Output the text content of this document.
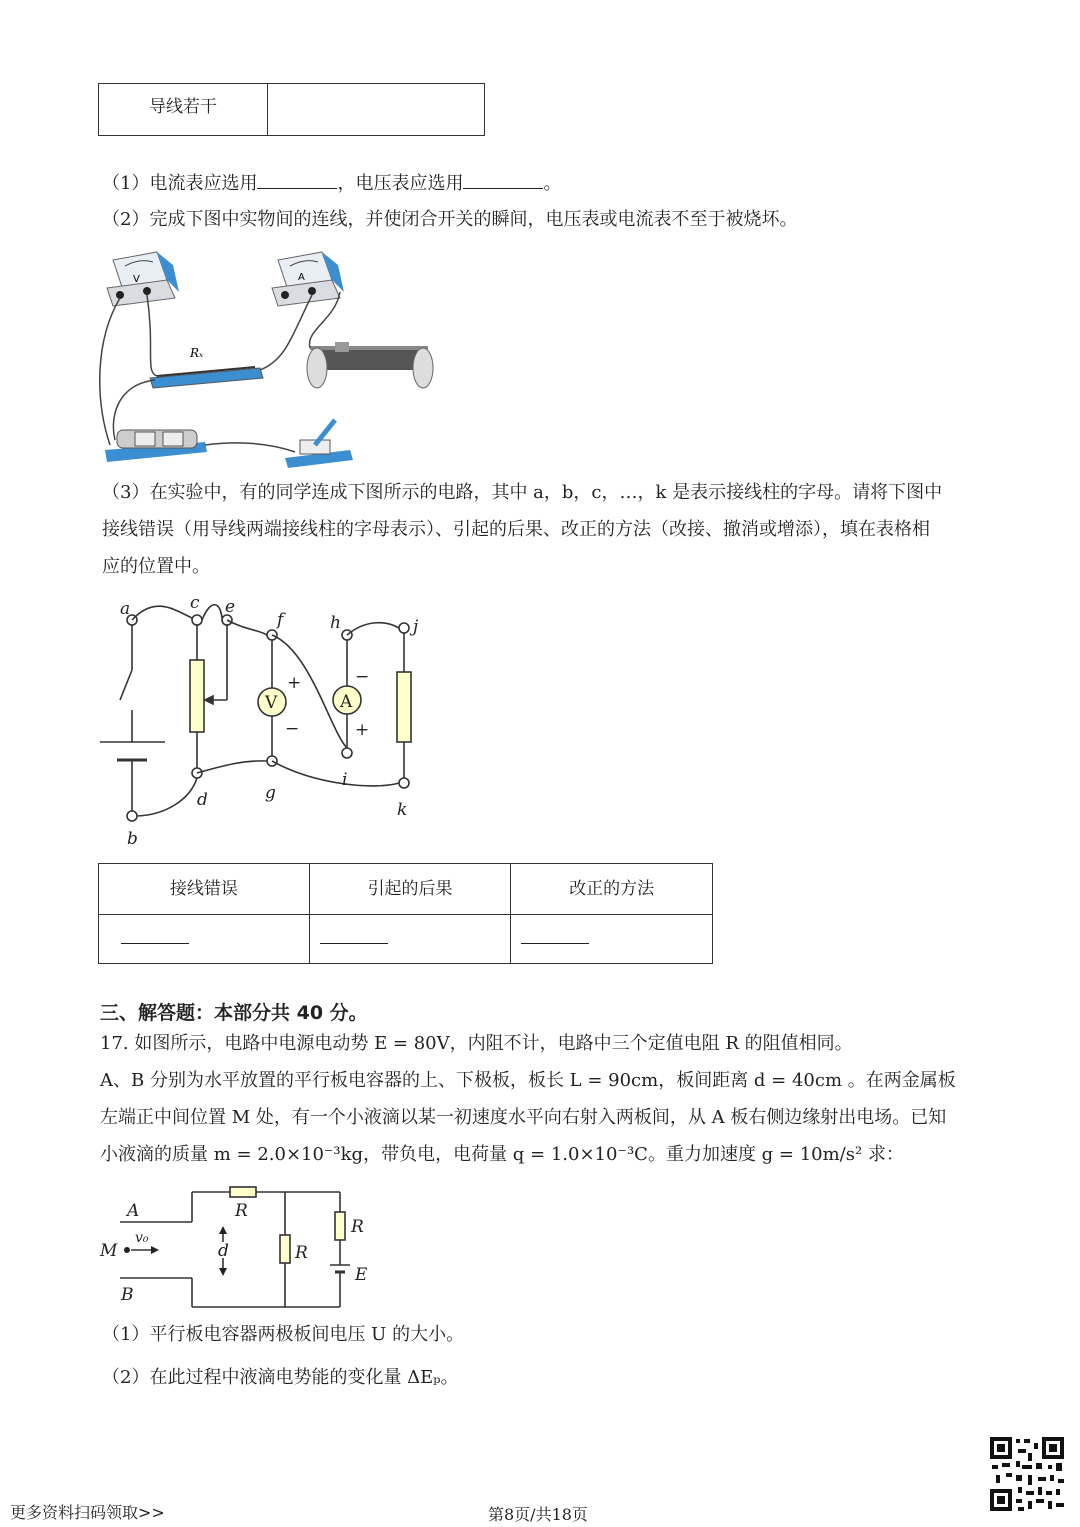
导线若干	
（1）电流表应选用	，电压表应选用	。
（2）完成下图中实物间的连线，并使闭合开关的瞬间，电压表或电流表不至于被烧坏。
V	A
Rₓ
（3）在实验中，有的同学连成下图所示的电路，其中 a，b，c，…，k 是表示接线柱的字母。请将下图中
接线错误（用导线两端接线柱的字母表示）、引起的后果、改正的方法（改接、撤消或增添），填在表格相
应的位置中。
a	c e
f	h	j
d	g
i
k
b
V	A
+
−
−
+
接线错误	引起的后果	改正的方法

三、解答题：本部分共 40 分。
17. 如图所示，电路中电源电动势 E = 80V，内阻不计，电路中三个定值电阻 R 的阻值相同。
A、B 分别为水平放置的平行板电容器的上、下极板，板长 L = 90cm，板间距离 d = 40cm 。在两金属板
左端正中间位置 M 处，有一个小液滴以某一初速度水平向右射入两板间，从 A 板右侧边缘射出电场。已知
小液滴的质量 m = 2.0×10⁻³kg，带负电，电荷量 q = 1.0×10⁻³C。重力加速度 g = 10m/s² 求：
A
B
M
v₀
d
R
R
R
E
（1）平行板电容器两极板间电压 U 的大小。
（2）在此过程中液滴电势能的变化量 ΔEₚ。
更多资料扫码领取>>	第8页/共18页
